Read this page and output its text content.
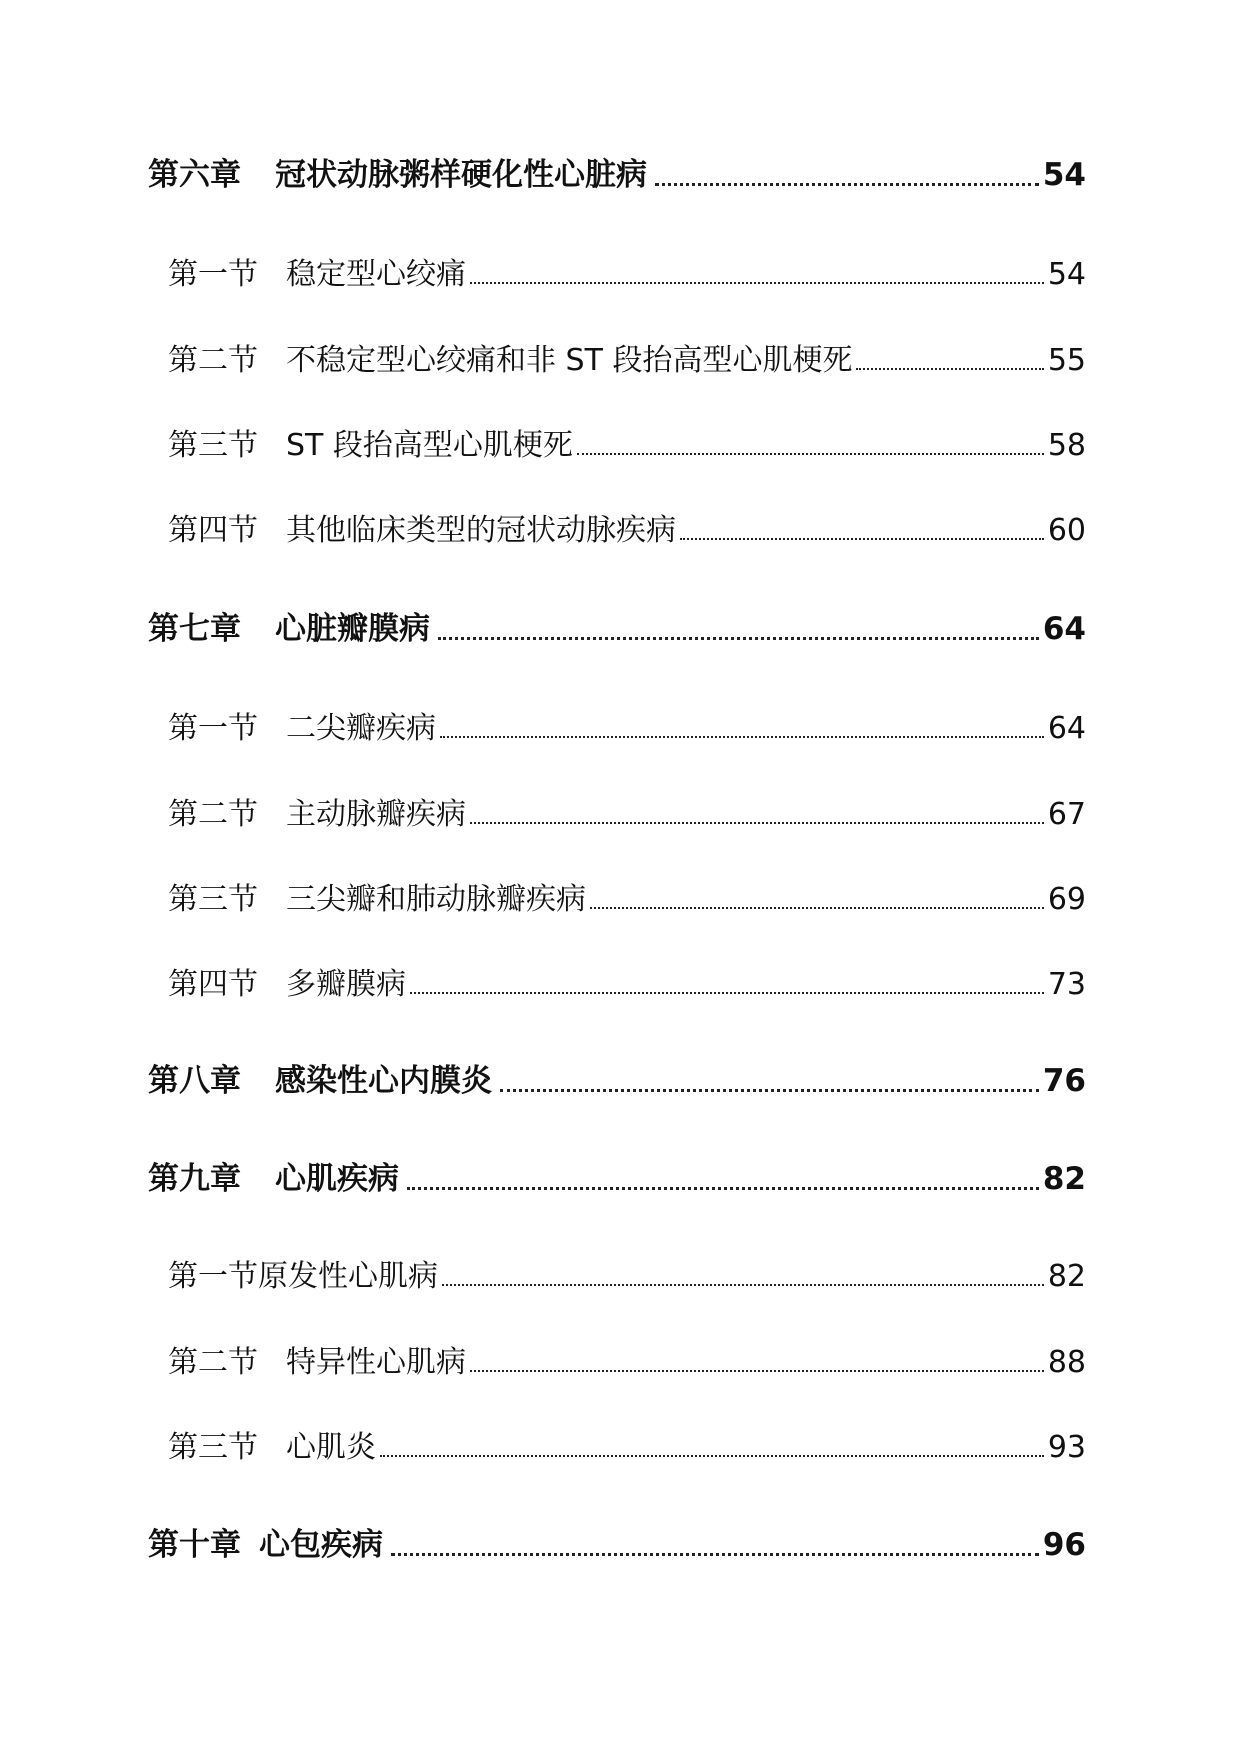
第六章 冠状动脉粥样硬化性心脏病	54
第一节 稳定型心绞痛	54
第二节 不稳定型心绞痛和非 ST 段抬高型心肌梗死	55
第三节 ST 段抬高型心肌梗死	58
第四节 其他临床类型的冠状动脉疾病	60
第七章 心脏瓣膜病	64
第一节 二尖瓣疾病	64
第二节 主动脉瓣疾病	67
第三节 三尖瓣和肺动脉瓣疾病	69
第四节 多瓣膜病	73
第八章 感染性心内膜炎	76
第九章 心肌疾病	82
第一节 原发性心肌病	82
第二节 特异性心肌病	88
第三节 心肌炎	93
第十章 心包疾病	96
